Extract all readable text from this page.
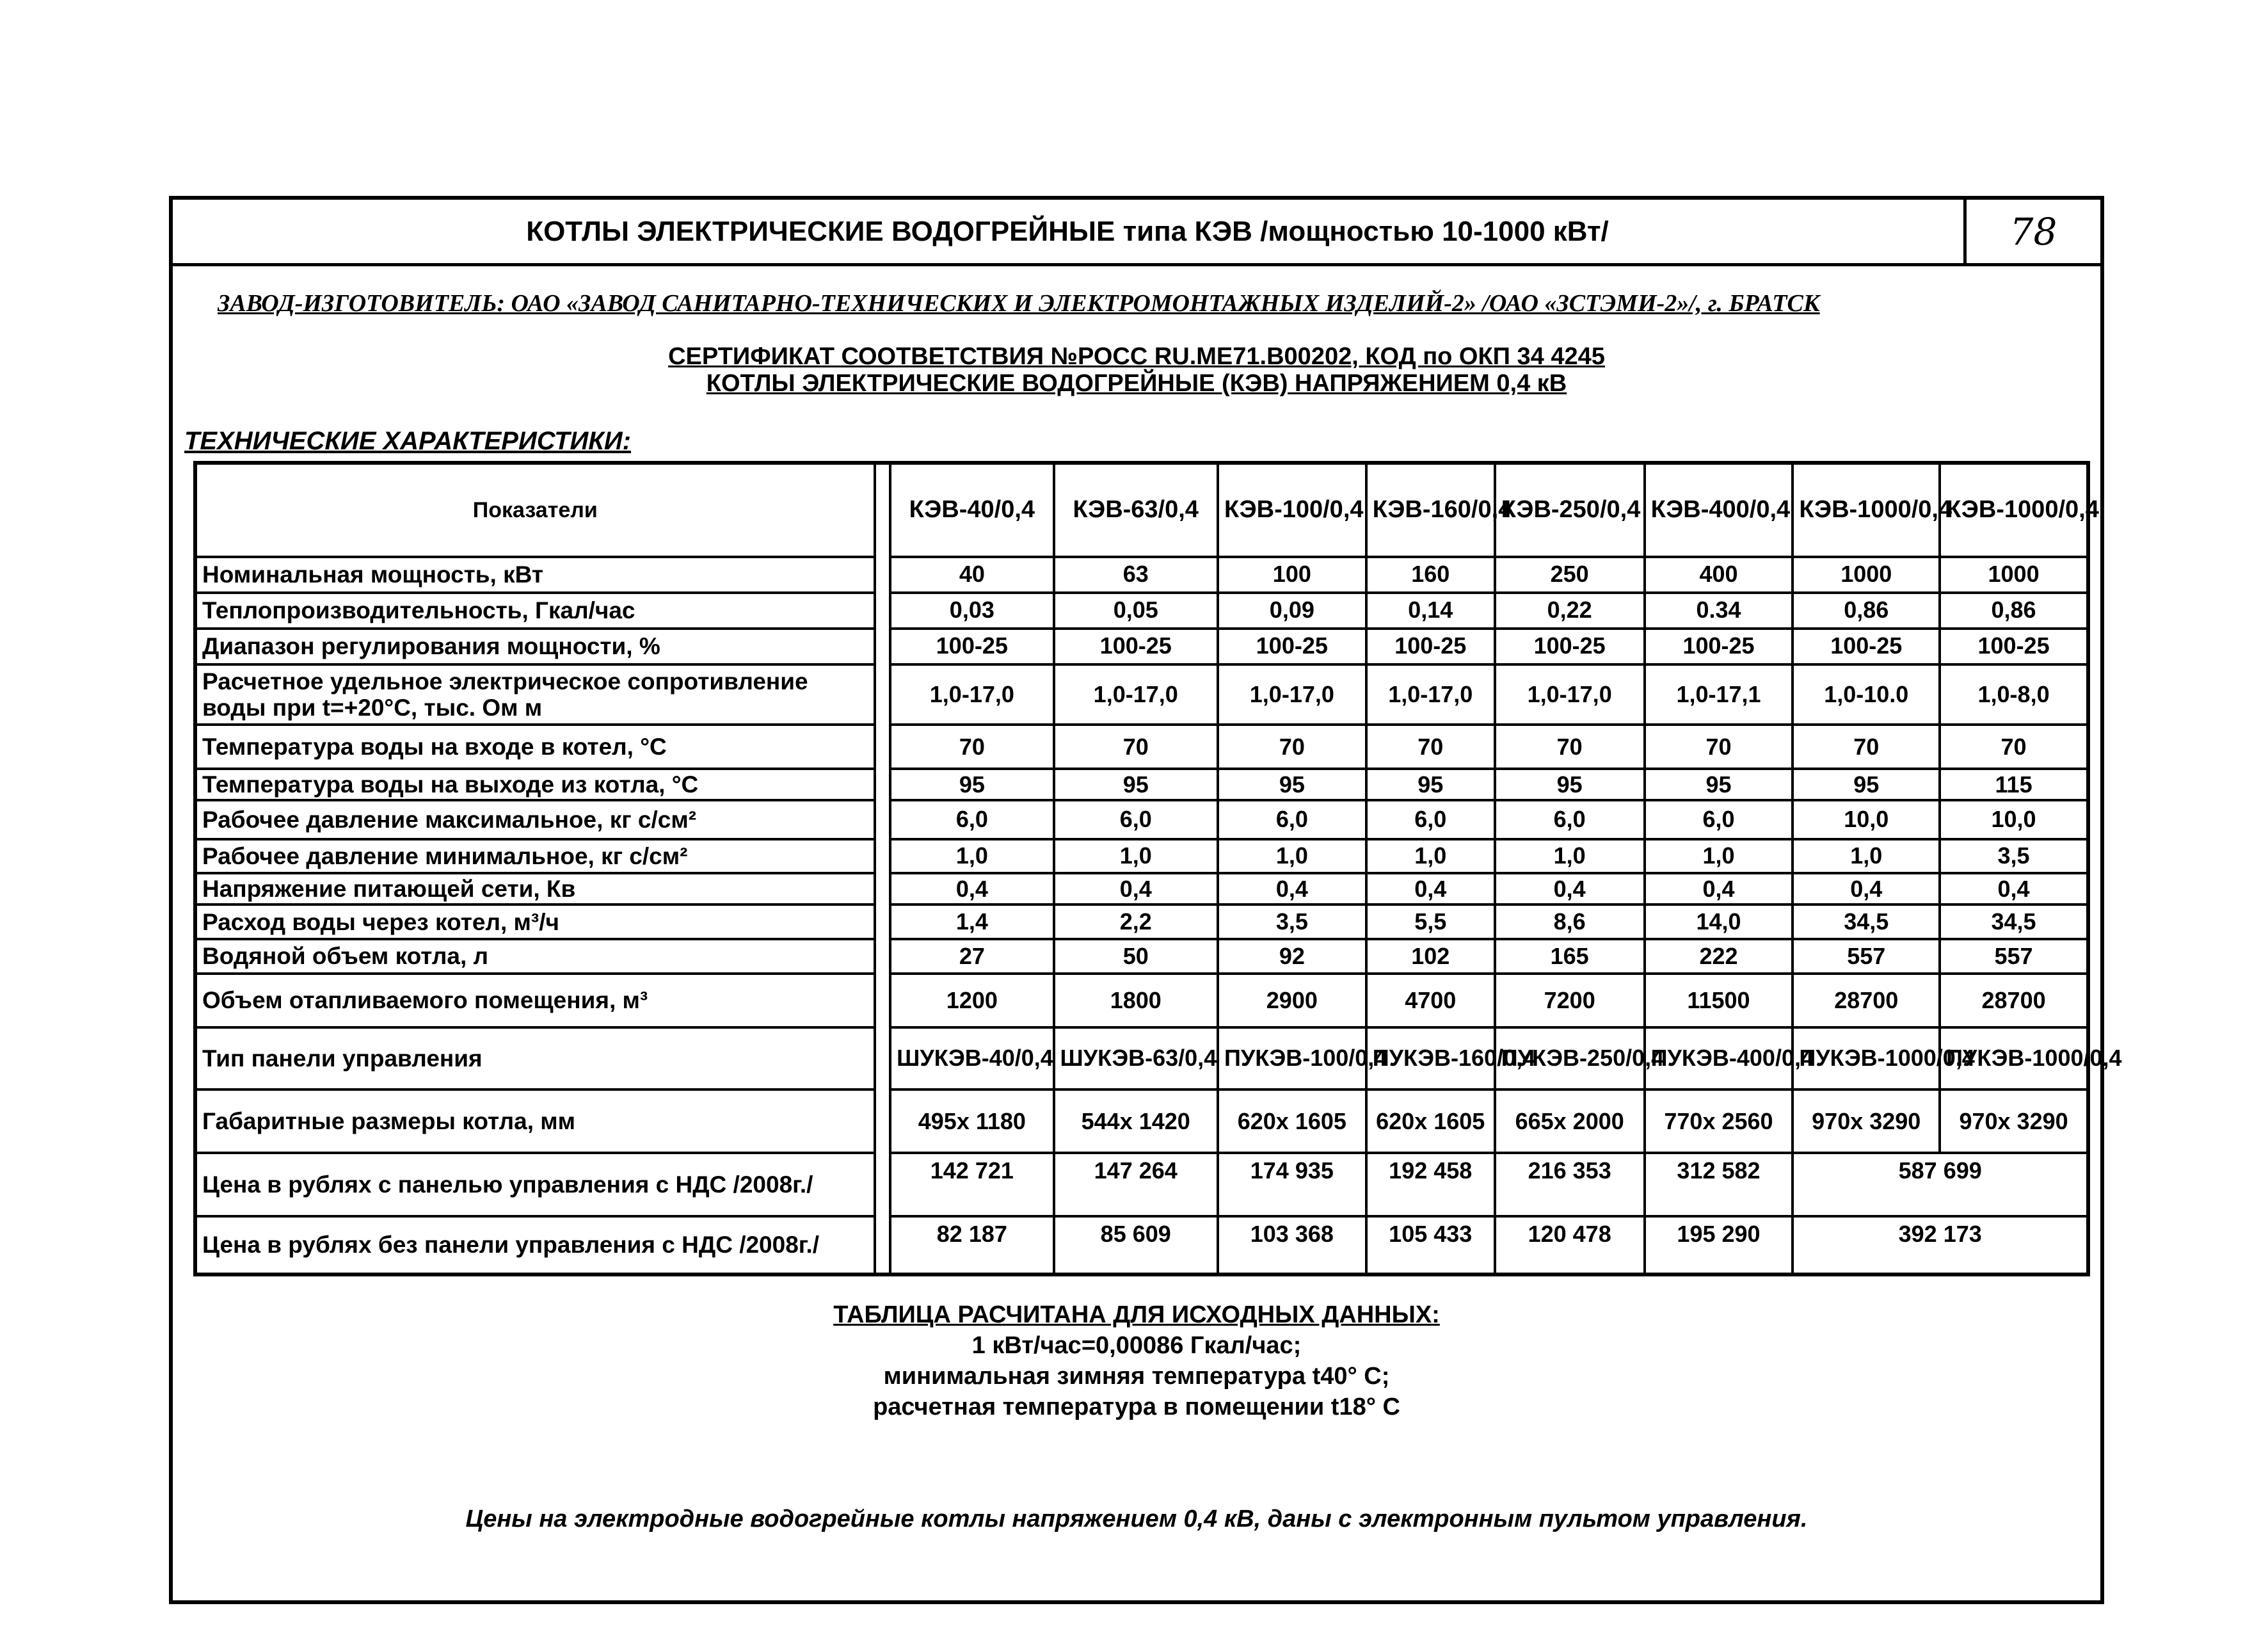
КОТЛЫ ЭЛЕКТРИЧЕСКИЕ ВОДОГРЕЙНЫЕ типа КЭВ /мощностью 10-1000 кВт/	78
ЗАВОД-ИЗГОТОВИТЕЛЬ: ОАО «ЗАВОД САНИТАРНО-ТЕХНИЧЕСКИХ И ЭЛЕКТРОМОНТАЖНЫХ ИЗДЕЛИЙ-2» /ОАО «ЗСТЭМИ-2»/, г. БРАТСК
СЕРТИФИКАТ СООТВЕТСТВИЯ №РОСС RU.ME71.B00202, КОД по ОКП 34 4245
КОТЛЫ ЭЛЕКТРИЧЕСКИЕ ВОДОГРЕЙНЫЕ (КЭВ) НАПРЯЖЕНИЕМ 0,4 кВ
ТЕХНИЧЕСКИЕ ХАРАКТЕРИСТИКИ:
Показатели		КЭВ-40/0,4	КЭВ-63/0,4	КЭВ-100/0,4	КЭВ-160/0,4	КЭВ-250/0,4	КЭВ-400/0,4	КЭВ-1000/0,4	КЭВ-1000/0,4
Номинальная мощность, кВт		40	63	100	160	250	400	1000	1000
Теплопроизводительность, Гкал/час		0,03	0,05	0,09	0,14	0,22	0.34	0,86	0,86
Диапазон регулирования мощности, %		100-25	100-25	100-25	100-25	100-25	100-25	100-25	100-25
Расчетное удельное электрическое сопротивление воды при t=+20°С, тыс. Ом м		1,0-17,0	1,0-17,0	1,0-17,0	1,0-17,0	1,0-17,0	1,0-17,1	1,0-10.0	1,0-8,0
Температура воды на входе в котел, °С		70	70	70	70	70	70	70	70
Температура воды на выходе из котла, °С		95	95	95	95	95	95	95	115
Рабочее давление максимальное, кг с/см²		6,0	6,0	6,0	6,0	6,0	6,0	10,0	10,0
Рабочее давление минимальное, кг с/см²		1,0	1,0	1,0	1,0	1,0	1,0	1,0	3,5
Напряжение питающей сети, Кв		0,4	0,4	0,4	0,4	0,4	0,4	0,4	0,4
Расход воды через котел, м³/ч		1,4	2,2	3,5	5,5	8,6	14,0	34,5	34,5
Водяной объем котла, л		27	50	92	102	165	222	557	557
Объем отапливаемого помещения, м³		1200	1800	2900	4700	7200	11500	28700	28700
Тип панели управления		ШУКЭВ-40/0,4	ШУКЭВ-63/0,4	ПУКЭВ-100/0,4	ПУКЭВ-160/0,4	ПУКЭВ-250/0,4	ПУКЭВ-400/0,4	ПУКЭВ-1000/0,4	ПУКЭВ-1000/0,4
Габаритные размеры котла, мм		495x 1180	544x 1420	620x 1605	620x 1605	665x 2000	770x 2560	970x 3290	970x 3290
Цена в рублях с панелью управления с НДС /2008г./		142 721	147 264	174 935	192 458	216 353	312 582	587 699	
Цена в рублях без панели управления с НДС /2008г./		82 187	85 609	103 368	105 433	120 478	195 290	392 173	
ТАБЛИЦА РАСЧИТАНА ДЛЯ ИСХОДНЫХ ДАННЫХ:
1 кВт/час=0,00086 Гкал/час;
минимальная зимняя температура t40° С;
расчетная температура в помещении t18° С
Цены на электродные водогрейные котлы напряжением 0,4 кВ, даны с электронным пультом управления.
